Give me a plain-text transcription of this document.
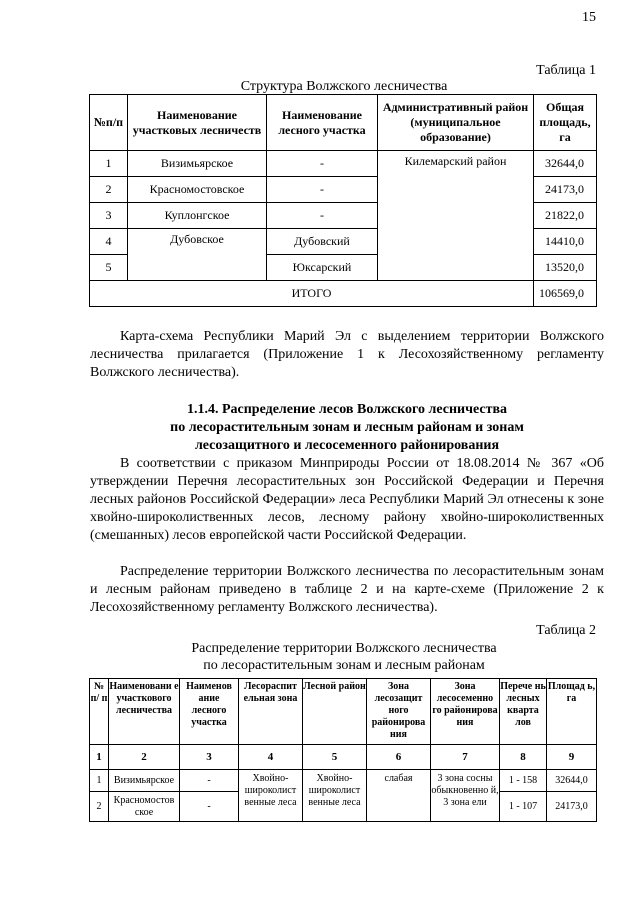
15
Таблица 1
Структура Волжского лесничества
№п/п	Наименование участковых лесничеств	Наименование лесного участка	Административный район (муниципальное образование)	Общая площадь, га
1	Визимьярское	-	Килемарский район	32644,0
2	Красномостовское	-		24173,0
3	Куплонгское	-		21822,0
4	Дубовское	Дубовский		14410,0
5		Юксарский		13520,0
ИТОГО				106569,0
Карта-схема Республики Марий Эл с выделением территории Волжского лесничества прилагается (Приложение 1 к Лесохозяйственному регламенту Волжского лесничества).
1.1.4. Распределение лесов Волжского лесничества
по лесорастительным зонам и лесным районам и зонам
лесозащитного и лесосеменного районирования
В соответствии с приказом Минприроды России от 18.08.2014 № 367 «Об утверждении Перечня лесорастительных зон Российской Федерации и Перечня лесных районов Российской Федерации» леса Республики Марий Эл отнесены к зоне хвойно-широколиственных лесов, лесному району хвойно-широколиственных (смешанных) лесов европейской части Российской Федерации.
Распределение территории Волжского лесничества по лесорастительным зонам и лесным районам приведено в таблице 2 и на карте-схеме (Приложение 2 к Лесохозяйственному регламенту Волжского лесничества).
Таблица 2
Распределение территории Волжского лесничества
по лесорастительным зонам и лесным районам
№ п/ п	Наименовани е участкового лесничества	Наименов ание лесного участка	Лесораспит ельная зона	Лесной район	Зона лесозащит ного районирова ния	Зона лесосеменно го районирова ния	Перече нь лесных кварта лов	Площад ь, га
1	2	3	4	5	6	7	8	9
1	Визимьярское	-	Хвойно-широколист венные леса	Хвойно-широколист венные леса	слабая	3 зона сосны обыкновенно й, 3 зона ели	1 - 158	32644,0
2	Красномостов ское	-					1 - 107	24173,0
